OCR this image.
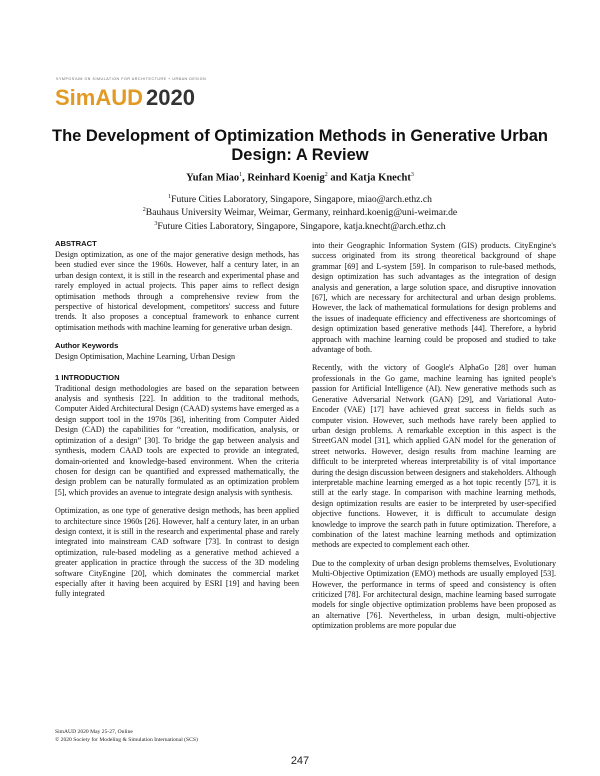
SYMPOSIUM ON SIMULATION FOR ARCHITECTURE + URBAN DESIGN
SimAUD 2020
The Development of Optimization Methods in Generative Urban Design: A Review
Yufan Miao$^1$, Reinhard Koenig$^2$ and Katja Knecht$^3$
$^1$Future Cities Laboratory, Singapore, Singapore, miao@arch.ethz.ch
$^2$Bauhaus University Weimar, Weimar, Germany, reinhard.koenig@uni-weimar.de
$^3$Future Cities Laboratory, Singapore, Singapore, katja.knecht@arch.ethz.ch
ABSTRACT

Design optimization, as one of the major generative design methods, has been studied ever since the 1960s. However, half a century later, in an urban design context, it is still in the research and experimental phase and rarely employed in actual projects. This paper aims to reflect design optimisation methods through a comprehensive review from the perspective of historical development, competitors' success and future trends. It also proposes a conceptual framework to enhance current optimisation methods with machine learning for generative urban design.

Author Keywords

Design Optimisation, Machine Learning, Urban Design

1 INTRODUCTION

Traditional design methodologies are based on the separation between analysis and synthesis [22]. In addition to the traditonal methods, Computer Aided Architectural Design (CAAD) systems have emerged as a design support tool in the 1970s [36], inheriting from Computer Aided Design (CAD) the capabilities for “creation, modification, analysis, or optimization of a design” [30]. To bridge the gap between analysis and synthesis, modern CAAD tools are expected to provide an integrated, domain-oriented and knowledge-based environment. When the criteria chosen for design can be quantified and expressed mathematically, the design problem can be naturally formulated as an optimization problem [5], which provides an avenue to integrate design analysis with synthesis.

Optimization, as one type of generative design methods, has been applied to architecture since 1960s [26]. However, half a century later, in an urban design context, it is still in the research and experimental phase and rarely integrated into mainstream CAD software [73]. In contrast to design optimization, rule-based modeling as a generative method achieved a greater application in practice through the success of the 3D modeling software CityEngine [20], which dominates the commercial market especially after it having been acquired by ESRI [19] and having been fully integrated

into their Geographic Information System (GIS) products. CityEngine's success originated from its strong theoretical background of shape grammar [69] and L-system [59]. In comparison to rule-based methods, design optimization has such advantages as the integration of design analysis and generation, a large solution space, and disruptive innovation [67], which are necessary for architectural and urban design problems. However, the lack of mathematical formulations for design problems and the issues of inadequate efficiency and effectiveness are shortcomings of design optimization based generative methods [44]. Therefore, a hybrid approach with machine learning could be proposed and studied to take advantage of both.

Recently, with the victory of Google's AlphaGo [28] over human professionals in the Go game, machine learning has ignited people's passion for Artificial Intelligence (AI). New generative methods such as Generative Adversarial Network (GAN) [29], and Variational Auto-Encoder (VAE) [17] have achieved great success in fields such as computer vision. However, such methods have rarely been applied to urban design problems. A remarkable exception in this aspect is the StreetGAN model [31], which applied GAN model for the generation of street networks. However, design results from machine learning are difficult to be interpreted whereas interpretability is of vital importance during the design discussion between designers and stakeholders. Although interpretable machine learning emerged as a hot topic recently [57], it is still at the early stage. In comparison with machine learning methods, design optimization results are easier to be interpreted by user-specified objective functions. However, it is difficult to accumulate design knowledge to improve the search path in future optimization. Therefore, a combination of the latest machine learning methods and optimization methods are expected to complement each other.

Due to the complexity of urban design problems themselves, Evolutionary Multi-Objective Optimization (EMO) methods are usually employed [53]. However, the performance in terms of speed and consistency is often criticized [78]. For architectural design, machine learning based surrogate models for single objective optimization problems have been proposed as an alternative [76]. Nevertheless, in urban design, multi-objective optimization problems are more popular due

SimAUD 2020 May 25-27, Online
© 2020 Society for Modeling & Simulation International (SCS)
247
